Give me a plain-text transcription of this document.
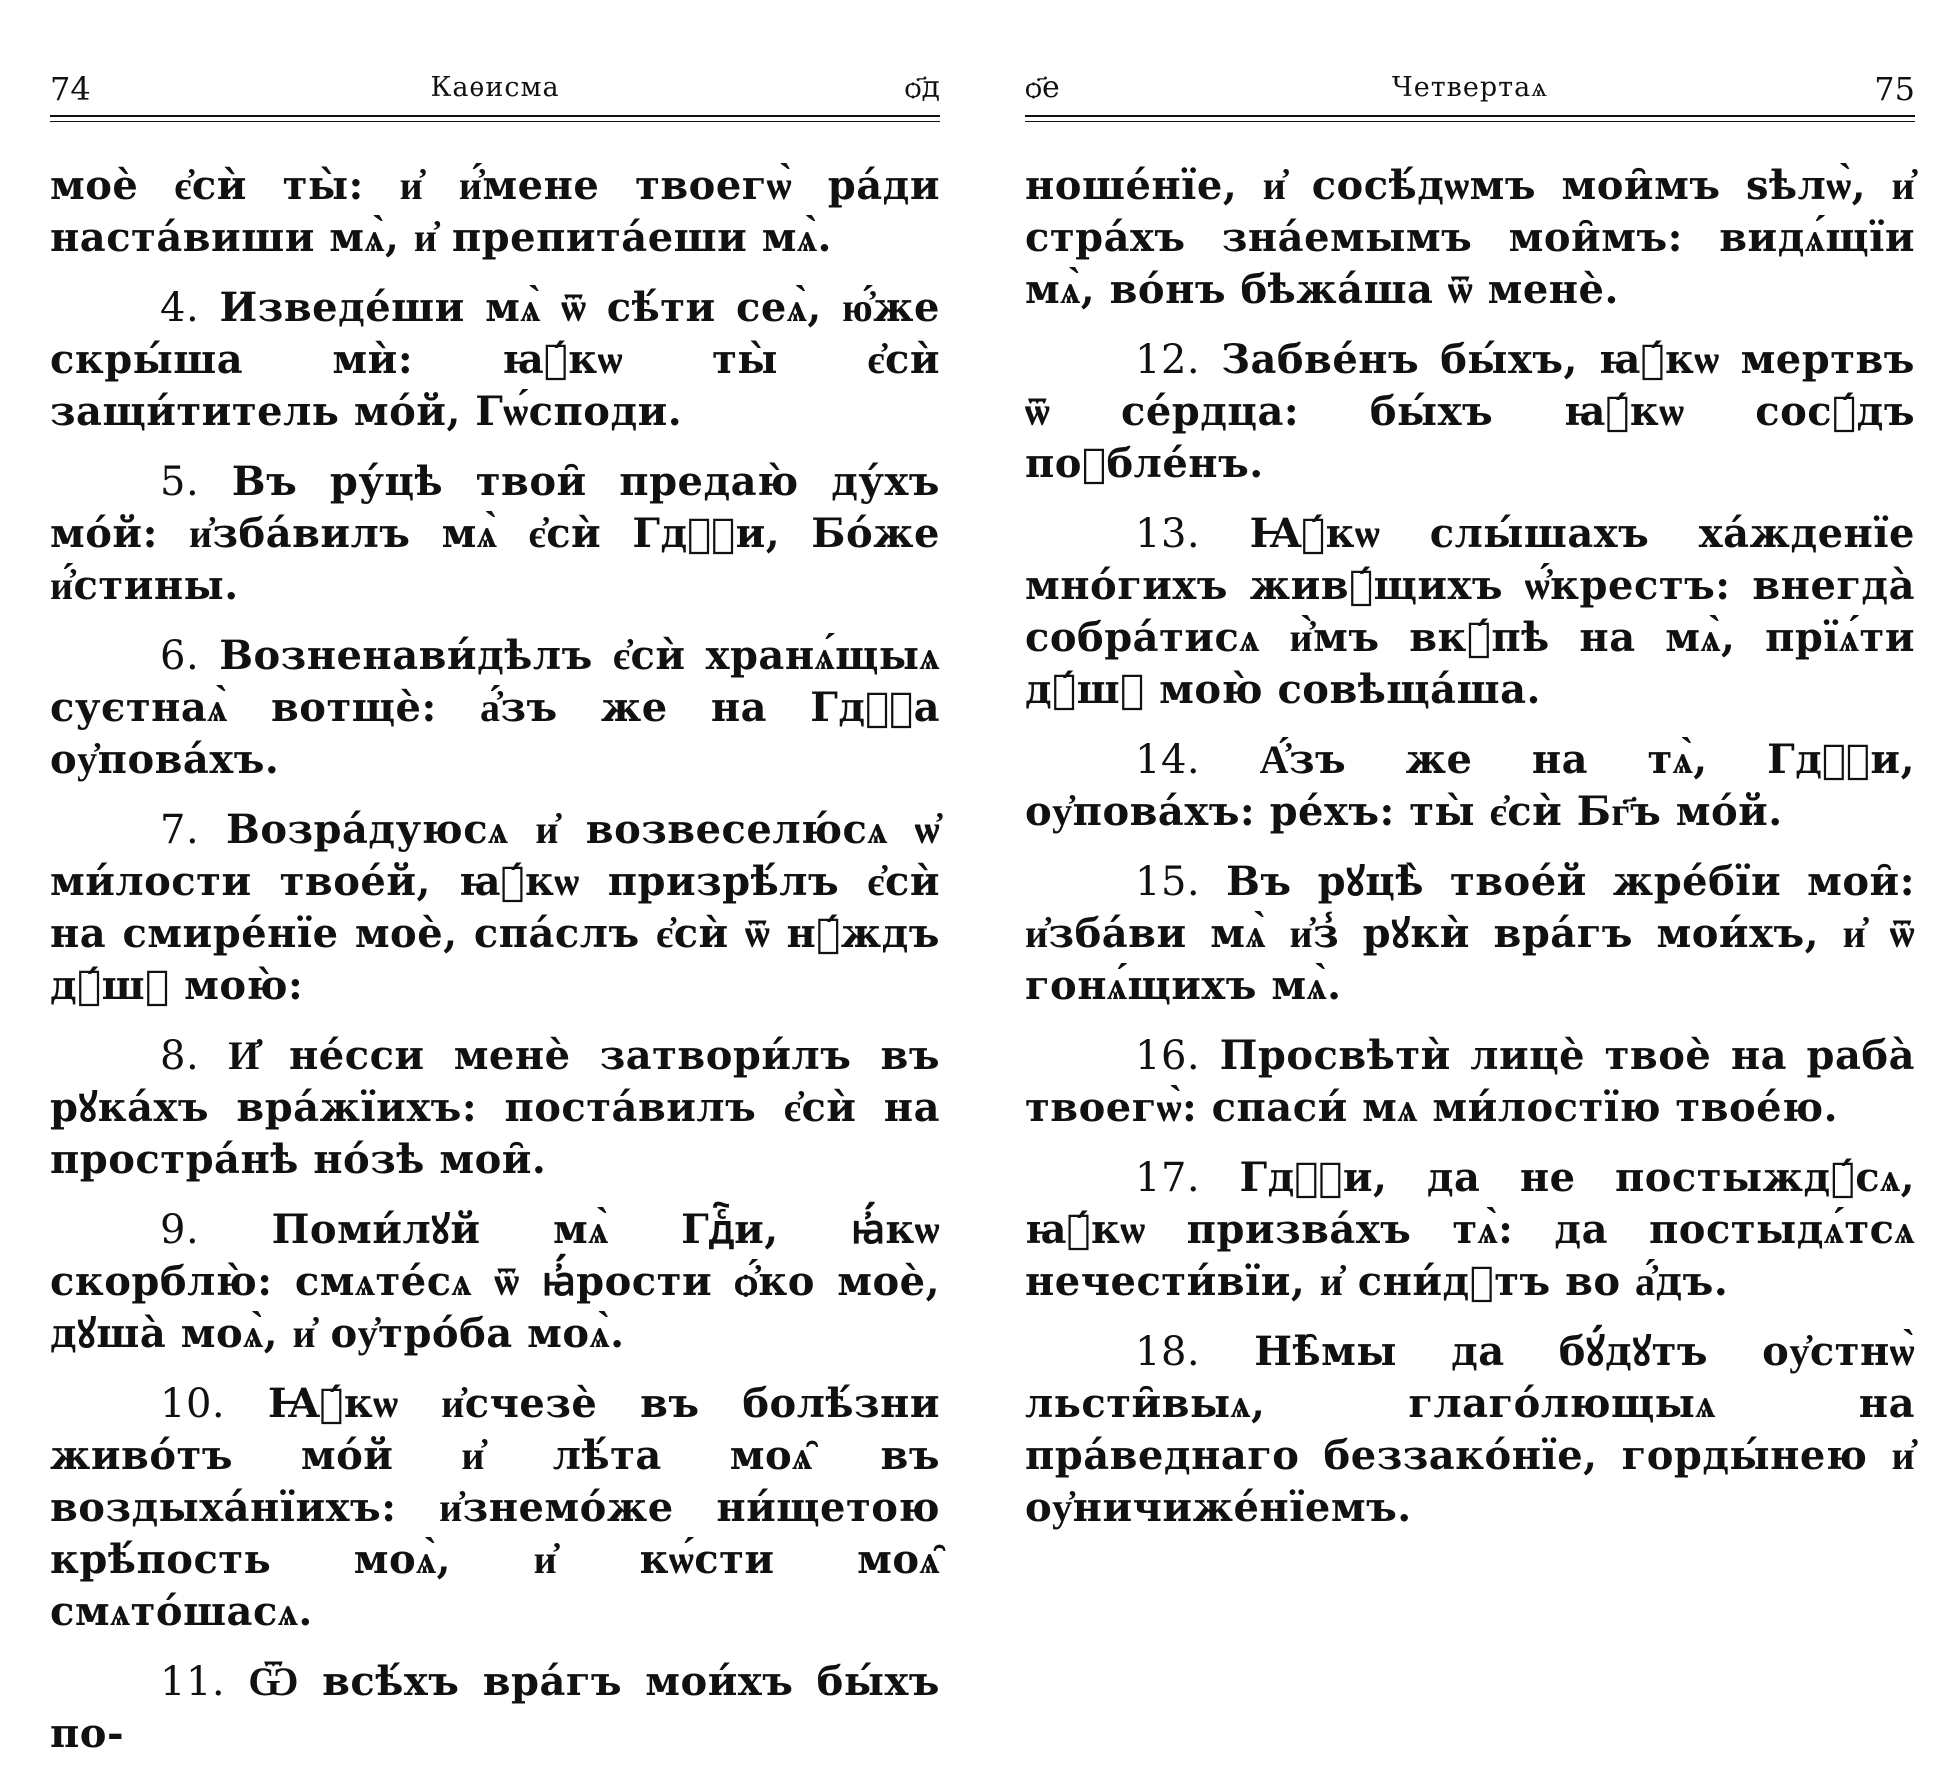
74	Каѳисма	ѻ҃д

моѐ є҆сѝ ты̀: и҆ и҆́мене твоегѡ̀ ра́ди наста́виши мѧ̀, и҆ препита́еши мѧ̀.

4. Изведе́ши мѧ̀ ѿ сѣ́ти сеѧ̀, ю҆́же скры́ша мѝ: ꙗ҆́кѡ ты̀ є҆сѝ защи́титель мо́й, Гѡ́споди.

5. Въ ру́цѣ твои̑ предаю̀ ду́хъ мо́й: и҆зба́вилъ мѧ̀ є҆сѝ Гдⷭ҇и, Бо́же и҆́стины.

6. Возненави́дѣлъ є҆сѝ хранѧ́щыѧ суєтнаѧ̀ вотщѐ: а҆́зъ же на Гдⷭ҇а оу҆пова́хъ.

7. Возра́дуюсѧ и҆ возвеселю́сѧ ѡ҆ ми́лости твое́й, ꙗ҆́кѡ призрѣ́лъ є҆сѝ на смире́нїе моѐ, спа́слъ є҆сѝ ѿ нꙋ́ждъ дꙋ́шꙋ мою̀:

8. И҆ не́сси менѐ затвори́лъ въ рꙋка́хъ вра́жїихъ: поста́вилъ є҆сѝ на простра́нѣ но́зѣ мои̑.

9. Поми́лꙋй мѧ̀ Гдⷭ҇и, ꙗ҆́кѡ скорблю̀: смѧте́сѧ ѿ ꙗ҆́рости ѻ҆́ко моѐ, дꙋша̀ моѧ̀, и҆ оу҆тро́ба моѧ̀.

10. Ꙗ҆́кѡ и҆счезѐ въ болѣ́зни живо́тъ мо́й и҆ лѣ́та моѧ̑ въ воздыха́нїихъ: и҆знемо́же ни́щетою крѣ́пость моѧ̀, и҆ кѡ́сти моѧ̑ смѧто́шасѧ.

11. Ѿ всѣ́хъ вра́гъ мои́хъ бы́хъ по-

ѻ҃е	Четвертаѧ	75

ноше́нїе, и҆ сосѣ́дѡмъ мои̑мъ ѕѣлѡ̀, и҆ стра́хъ зна́емымъ мои̑мъ: видѧ́щїи мѧ̀, во́нъ бѣжа́ша ѿ менѐ.

12. Забве́нъ бы́хъ, ꙗ҆́кѡ мертвъ ѿ се́рдца: бы́хъ ꙗ҆́кѡ сосꙋ́дъ поꙋбле́нъ.

13. Ꙗ҆́кѡ слы́шахъ ха́жденїе мно́гихъ живꙋ́щихъ ѡ҆́крестъ: внегда̀ собра́тисѧ и҆̀мъ вкꙋ́пѣ на мѧ̀, прїѧ́ти дꙋ́шꙋ мою̀ совѣща́ша.

14. А҆́зъ же на тѧ̀, Гдⷭ҇и, оу҆пова́хъ: ре́хъ: ты̀ є҆сѝ Бг҃ъ мо́й.

15. Въ рꙋцѣ̀ твое́й жре́бїи мои̑: и҆зба́ви мѧ̀ и҆з̾ рꙋкѝ вра́гъ мои́хъ, и҆ ѿ гонѧ́щихъ мѧ̀.

16. Просвѣтѝ лицѐ твоѐ на раба̀ твоегѡ̀: спаси́ мѧ ми́лостїю твое́ю.

17. Гдⷭ҇и, да не постыждꙋ́сѧ, ꙗ҆́кѡ призва́хъ тѧ̀: да постыдѧ́тсѧ нечести́вїи, и҆ сни́дꙋтъ во а҆́дъ.

18. Нѣ̑мы да бꙋ́дꙋтъ оу҆стнѡ̀ льсти̑выѧ, глаго́лющыѧ на пра́веднаго беззако́нїе, горды́нею и҆ оу҆ничиже́нїемъ.
